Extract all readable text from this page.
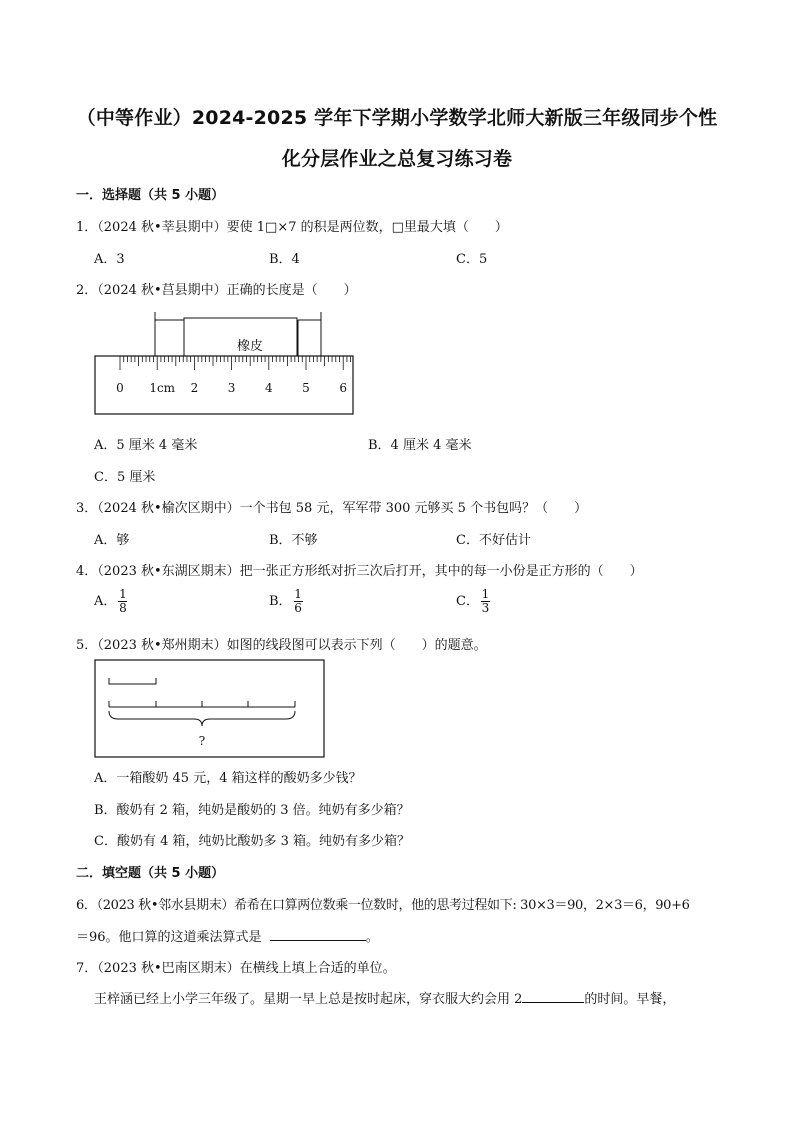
（中等作业）2024-2025 学年下学期小学数学北师大新版三年级同步个性
化分层作业之总复习练习卷
一．选择题（共 5 小题）
1．（2024 秋•莘县期中）要使 1□×7 的积是两位数，□里最大填（　　）
A．3	B．4	C．5
2．（2024 秋•莒县期中）正确的长度是（　　）
橡皮
0 1cm 2 3 4 5 6
A．5 厘米 4 毫米	B．4 厘米 4 毫米
C．5 厘米
3．（2024 秋•榆次区期中）一个书包 58 元，军军带 300 元够买 5 个书包吗？（　　）
A．够	B．不够	C．不好估计
4．（2023 秋•东湖区期末）把一张正方形纸对折三次后打开，其中的每一小份是正方形的（　　）
A． $\frac{1}{8}$	B． $\frac{1}{6}$	C． $\frac{1}{3}$
5．（2023 秋•郑州期末）如图的线段图可以表示下列（　　）的题意。
?
A．一箱酸奶 45 元，4 箱这样的酸奶多少钱？
B．酸奶有 2 箱，纯奶是酸奶的 3 倍。纯奶有多少箱？
C．酸奶有 4 箱，纯奶比酸奶多 3 箱。纯奶有多少箱？
二．填空题（共 5 小题）
6．（2023 秋•邻水县期末）希希在口算两位数乘一位数时，他的思考过程如下: 30×3＝90，2×3＝6，90+6
＝96。他口算的这道乘法算式是	。
7．（2023 秋•巴南区期末）在横线上填上合适的单位。
王梓涵已经上小学三年级了。星期一早上总是按时起床，穿衣服大约会用 2	的时间。早餐，
